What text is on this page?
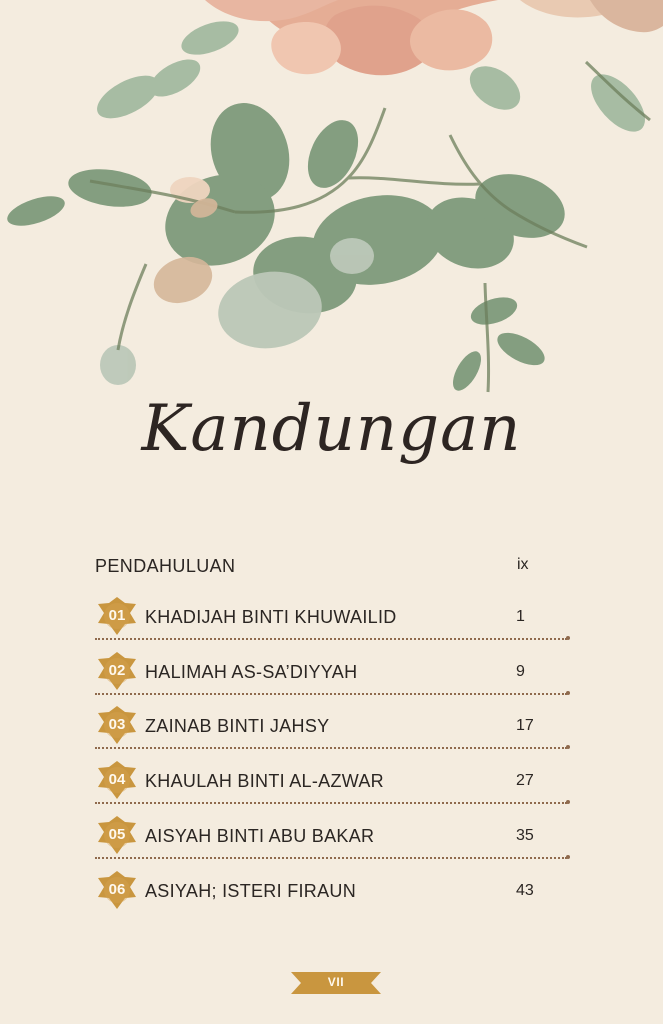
Kandungan
PENDAHULUAN	ix
01	KHADIJAH BINTI KHUWAILID	1
02	HALIMAH AS-SA’DIYYAH	9
03	ZAINAB BINTI JAHSY	17
04	KHAULAH BINTI AL-AZWAR	27
05	AISYAH BINTI ABU BAKAR	35
06	ASIYAH; ISTERI FIRAUN	43
VII
